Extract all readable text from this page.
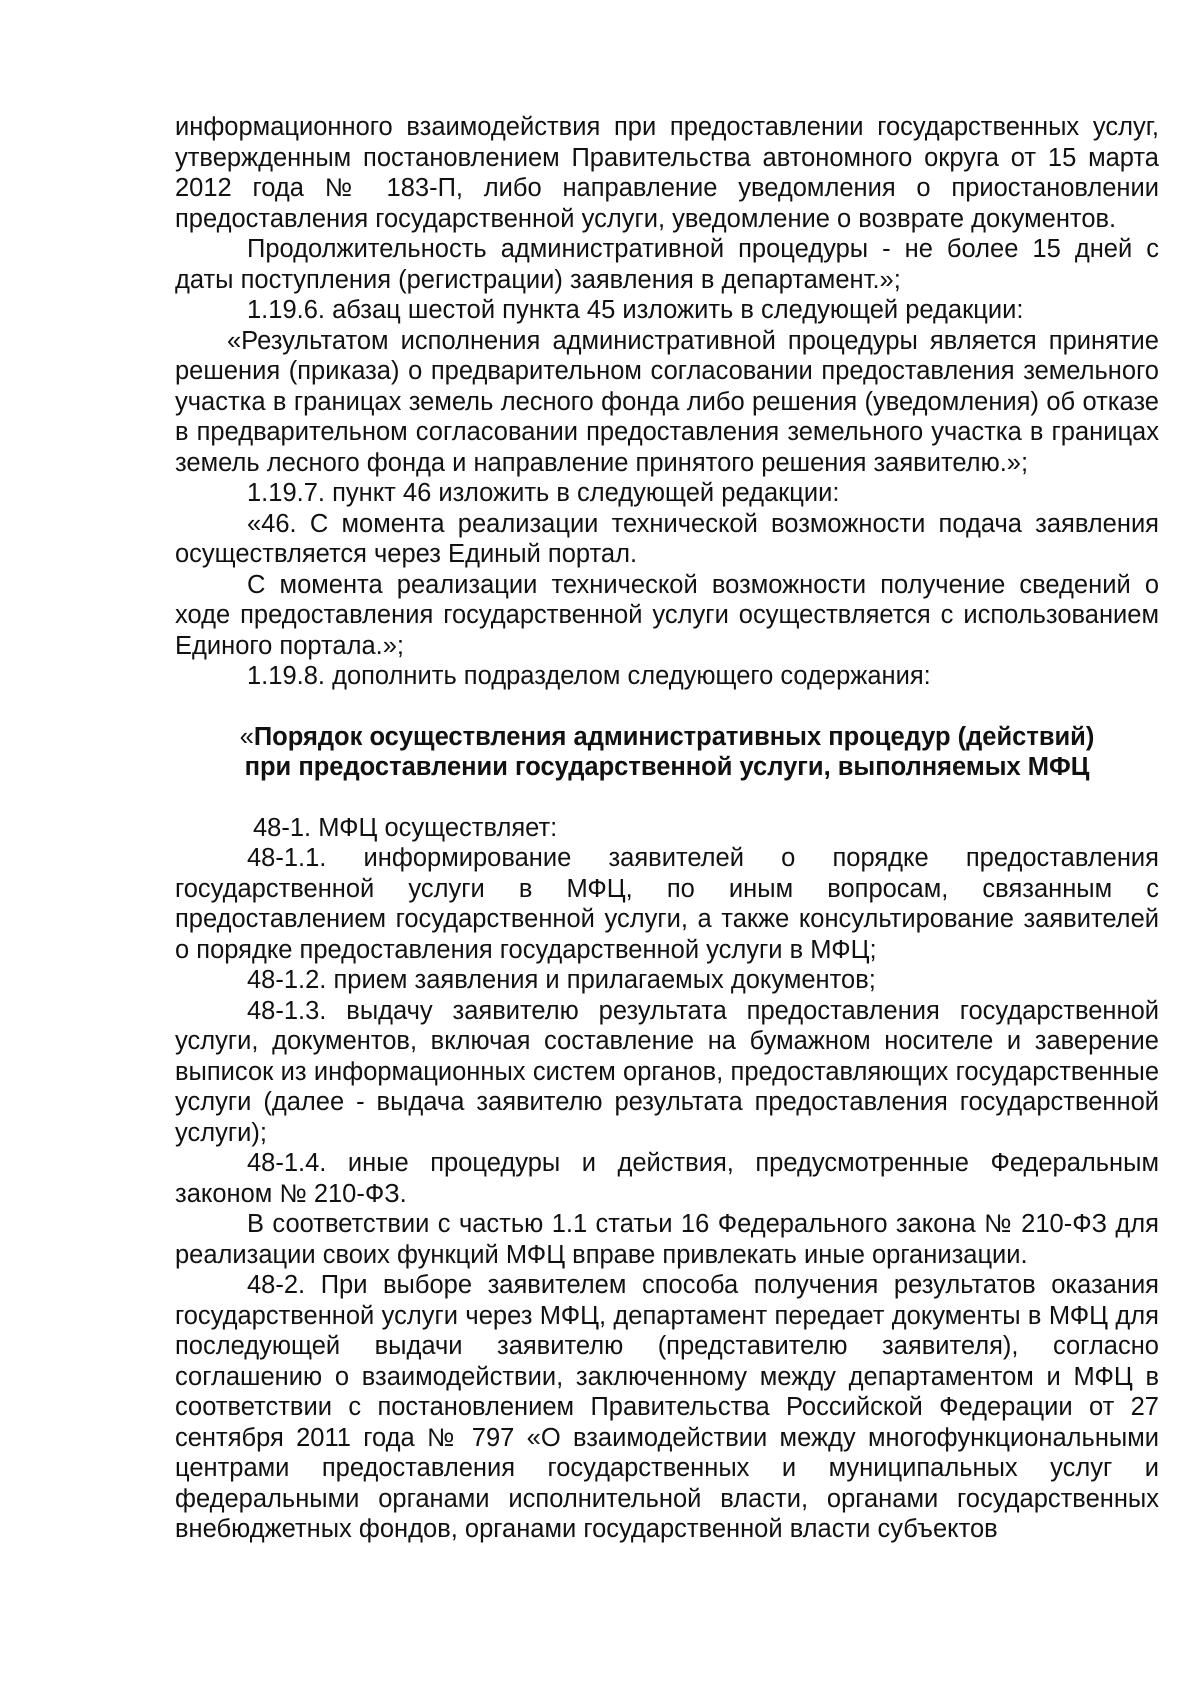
информационного взаимодействия при предоставлении государственных услуг, утвержденным постановлением Правительства автономного округа от 15 марта 2012 года № 183-П, либо направление уведомления о приостановлении предоставления государственной услуги, уведомление о возврате документов.

Продолжительность административной процедуры - не более 15 дней с даты поступления (регистрации) заявления в департамент.»;

1.19.6. абзац шестой пункта 45 изложить в следующей редакции:

«Результатом исполнения административной процедуры является принятие решения (приказа) о предварительном согласовании предоставления земельного участка в границах земель лесного фонда либо решения (уведомления) об отказе в предварительном согласовании предоставления земельного участка в границах земель лесного фонда и направление принятого решения заявителю.»;

1.19.7. пункт 46 изложить в следующей редакции:

«46. С момента реализации технической возможности подача заявления осуществляется через Единый портал.

С момента реализации технической возможности получение сведений о ходе предоставления государственной услуги осуществляется с использованием Единого портала.»;

1.19.8. дополнить подразделом следующего содержания:

«Порядок осуществления административных процедур (действий) при предоставлении государственной услуги, выполняемых МФЦ

48-1. МФЦ осуществляет:

48-1.1. информирование заявителей о порядке предоставления государственной услуги в МФЦ, по иным вопросам, связанным с предоставлением государственной услуги, а также консультирование заявителей о порядке предоставления государственной услуги в МФЦ;

48-1.2. прием заявления и прилагаемых документов;

48-1.3. выдачу заявителю результата предоставления государственной услуги, документов, включая составление на бумажном носителе и заверение выписок из информационных систем органов, предоставляющих государственные услуги (далее - выдача заявителю результата предоставления государственной услуги);

48-1.4. иные процедуры и действия, предусмотренные Федеральным законом № 210-ФЗ.

В соответствии с частью 1.1 статьи 16 Федерального закона № 210-ФЗ для реализации своих функций МФЦ вправе привлекать иные организации.

48-2. При выборе заявителем способа получения результатов оказания государственной услуги через МФЦ, департамент передает документы в МФЦ для последующей выдачи заявителю (представителю заявителя), согласно соглашению о взаимодействии, заключенному между департаментом и МФЦ в соответствии с постановлением Правительства Российской Федерации от 27 сентября 2011 года № 797 «О взаимодействии между многофункциональными центрами предоставления государственных и муниципальных услуг и федеральными органами исполнительной власти, органами государственных внебюджетных фондов, органами государственной власти субъектов
